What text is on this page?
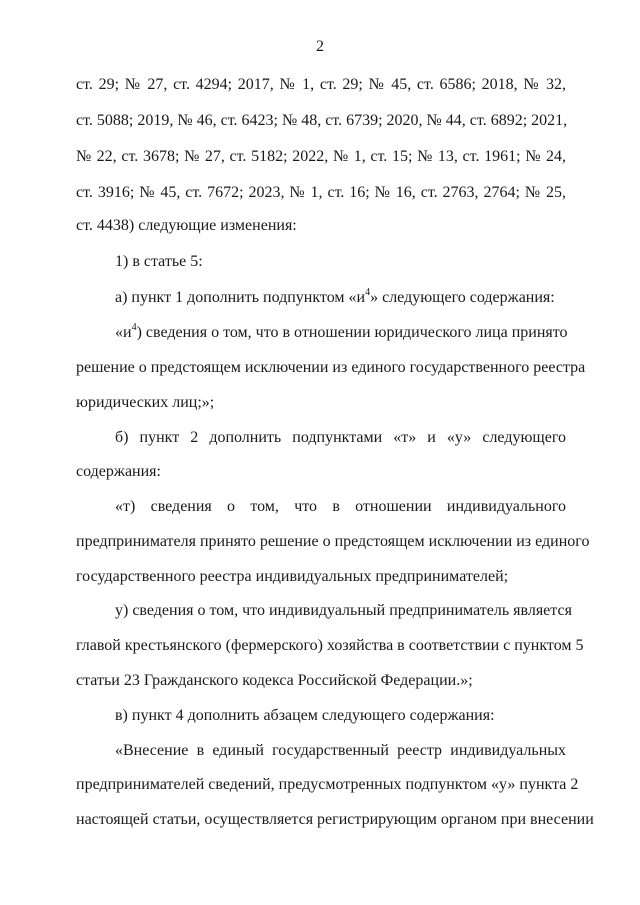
2
ст. 29; № 27, ст. 4294; 2017, № 1, ст. 29; № 45, ст. 6586; 2018, № 32,
ст. 5088; 2019, № 46, ст. 6423; № 48, ст. 6739; 2020, № 44, ст. 6892; 2021,
№ 22, ст. 3678; № 27, ст. 5182; 2022, № 1, ст. 15; № 13, ст. 1961; № 24,
ст. 3916; № 45, ст. 7672; 2023, № 1, ст. 16; № 16, ст. 2763, 2764; № 25,
ст. 4438) следующие изменения:
1) в статье 5:
а) пункт 1 дополнить подпунктом «$и^4$» следующего содержания:
«$и^4$) сведения о том, что в отношении юридического лица принято
решение о предстоящем исключении из единого государственного реестра
юридических лиц;»;
б) пункт 2 дополнить подпунктами «т» и «у» следующего
содержания:
«т) сведения о том, что в отношении индивидуального
предпринимателя принято решение о предстоящем исключении из единого
государственного реестра индивидуальных предпринимателей;
у) сведения о том, что индивидуальный предприниматель является
главой крестьянского (фермерского) хозяйства в соответствии с пунктом 5
статьи 23 Гражданского кодекса Российской Федерации.»;
в) пункт 4 дополнить абзацем следующего содержания:
«Внесение в единый государственный реестр индивидуальных
предпринимателей сведений, предусмотренных подпунктом «у» пункта 2
настоящей статьи, осуществляется регистрирующим органом при внесении
